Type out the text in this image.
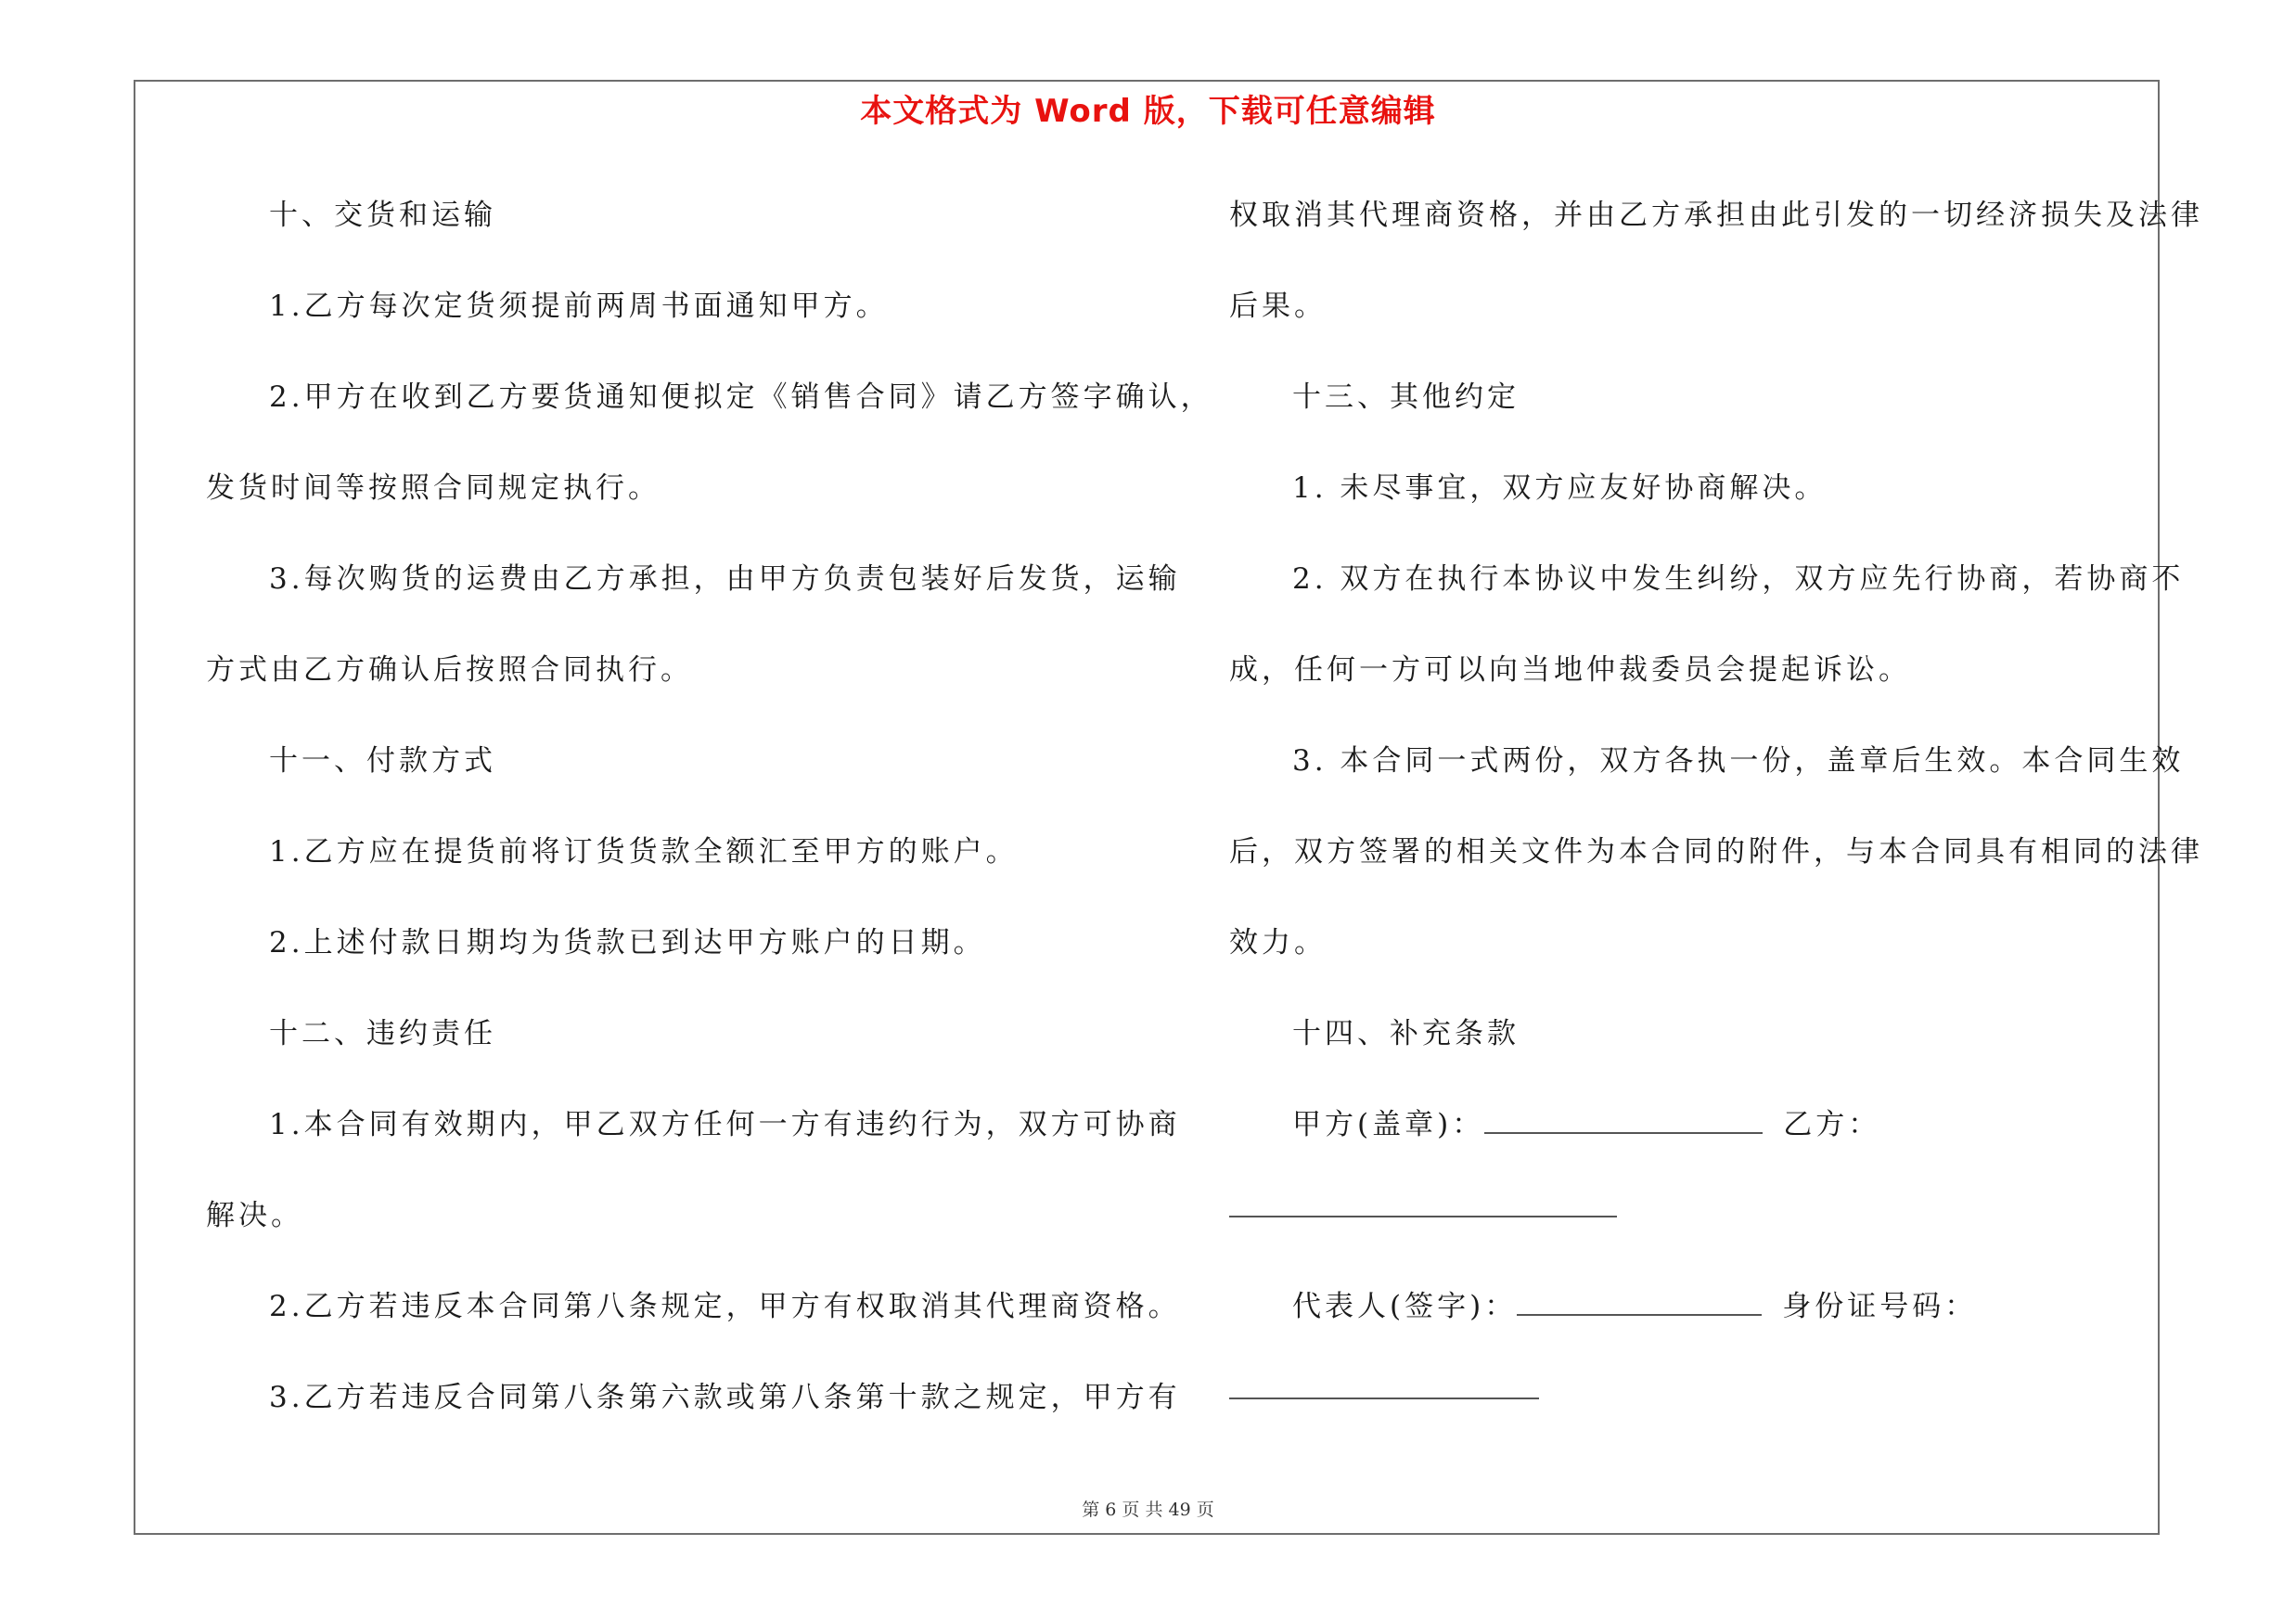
本文格式为 Word 版，下载可任意编辑
十、交货和运输
1.乙方每次定货须提前两周书面通知甲方。
2.甲方在收到乙方要货通知便拟定《销售合同》请乙方签字确认，
发货时间等按照合同规定执行。
3.每次购货的运费由乙方承担，由甲方负责包装好后发货，运输
方式由乙方确认后按照合同执行。
十一、付款方式
1.乙方应在提货前将订货货款全额汇至甲方的账户。
2.上述付款日期均为货款已到达甲方账户的日期。
十二、违约责任
1.本合同有效期内，甲乙双方任何一方有违约行为，双方可协商
解决。
2.乙方若违反本合同第八条规定，甲方有权取消其代理商资格。
3.乙方若违反合同第八条第六款或第八条第十款之规定，甲方有
权取消其代理商资格，并由乙方承担由此引发的一切经济损失及法律
后果。
十三、其他约定
1. 未尽事宜，双方应友好协商解决。
2. 双方在执行本协议中发生纠纷，双方应先行协商，若协商不
成，任何一方可以向当地仲裁委员会提起诉讼。
3. 本合同一式两份，双方各执一份，盖章后生效。本合同生效
后，双方签署的相关文件为本合同的附件，与本合同具有相同的法律
效力。
十四、补充条款
甲方(盖章)：	乙方：
代表人(签字)：	身份证号码：
第 6 页 共 49 页
